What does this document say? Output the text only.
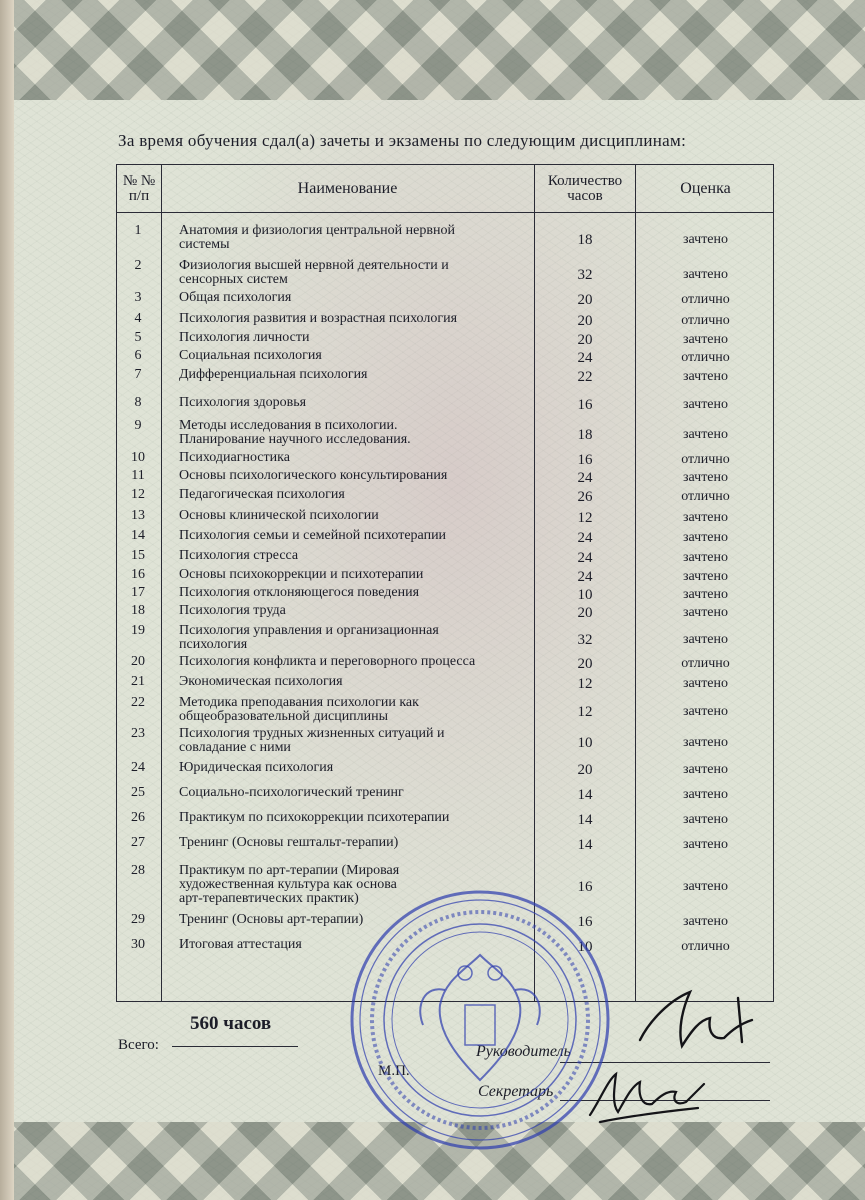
За время обучения сдал(а) зачеты и экзамены по следующим дисциплинам:
№ №
п/п	Наименование	Количество
часов	Оценка
1	Анатомия и физиология центральной нервной
системы	18	зачтено
2	Физиология высшей нервной деятельности и
сенсорных систем	32	зачтено
3	Общая психология	20	отлично
4	Психология развития и возрастная психология	20	отлично
5	Психология личности	20	зачтено
6	Социальная психология	24	отлично
7	Дифференциальная психология	22	зачтено
8	Психология здоровья	16	зачтено
9	Методы исследования в психологии.
Планирование научного исследования.	18	зачтено
10	Психодиагностика	16	отлично
11	Основы психологического консультирования	24	зачтено
12	Педагогическая психология	26	отлично
13	Основы клинической психологии	12	зачтено
14	Психология семьи и семейной психотерапии	24	зачтено
15	Психология стресса	24	зачтено
16	Основы психокоррекции и психотерапии	24	зачтено
17	Психология отклоняющегося поведения	10	зачтено
18	Психология труда	20	зачтено
19	Психология управления и организационная
психология	32	зачтено
20	Психология конфликта и переговорного процесса	20	отлично
21	Экономическая психология	12	зачтено
22	Методика преподавания психологии как
общеобразовательной дисциплины	12	зачтено
23	Психология трудных жизненных ситуаций и
совладание с ними	10	зачтено
24	Юридическая психология	20	зачтено
25	Социально-психологический тренинг	14	зачтено
26	Практикум по психокоррекции психотерапии	14	зачтено
27	Тренинг (Основы гештальт-терапии)	14	зачтено
28	Практикум по арт-терапии (Мировая
художественная культура как основа
арт-терапевтических практик)
16	зачтено
29	Тренинг (Основы арт-терапии)	16	зачтено
30	Итоговая аттестация	10	отлично
560 часов
Всего:	Руководитель
М.П.
Секретарь
